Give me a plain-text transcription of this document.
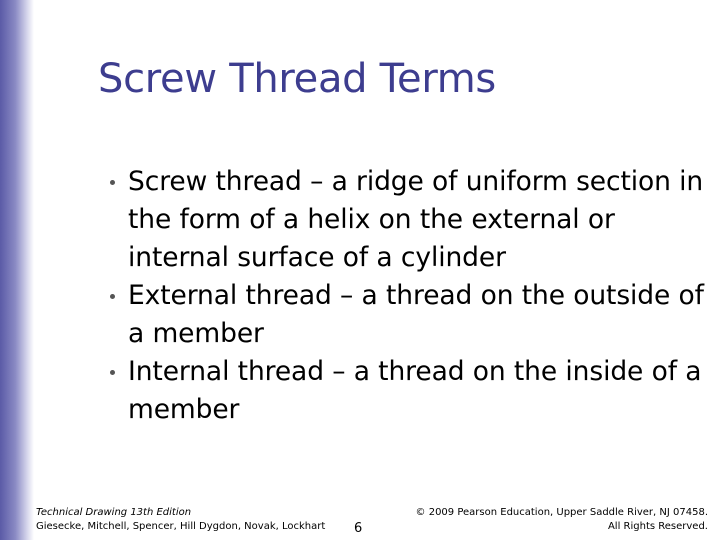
Screw Thread Terms
Screw thread – a ridge of uniform section in the form of a helix on the external or internal surface of a cylinder
External thread – a thread on the outside of a member
Internal thread – a thread on the inside of a member
Technical Drawing 13th Edition
Giesecke, Mitchell, Spencer, Hill Dygdon, Novak, Lockhart 6
© 2009 Pearson Education, Upper Saddle River, NJ 07458.
All Rights Reserved.
